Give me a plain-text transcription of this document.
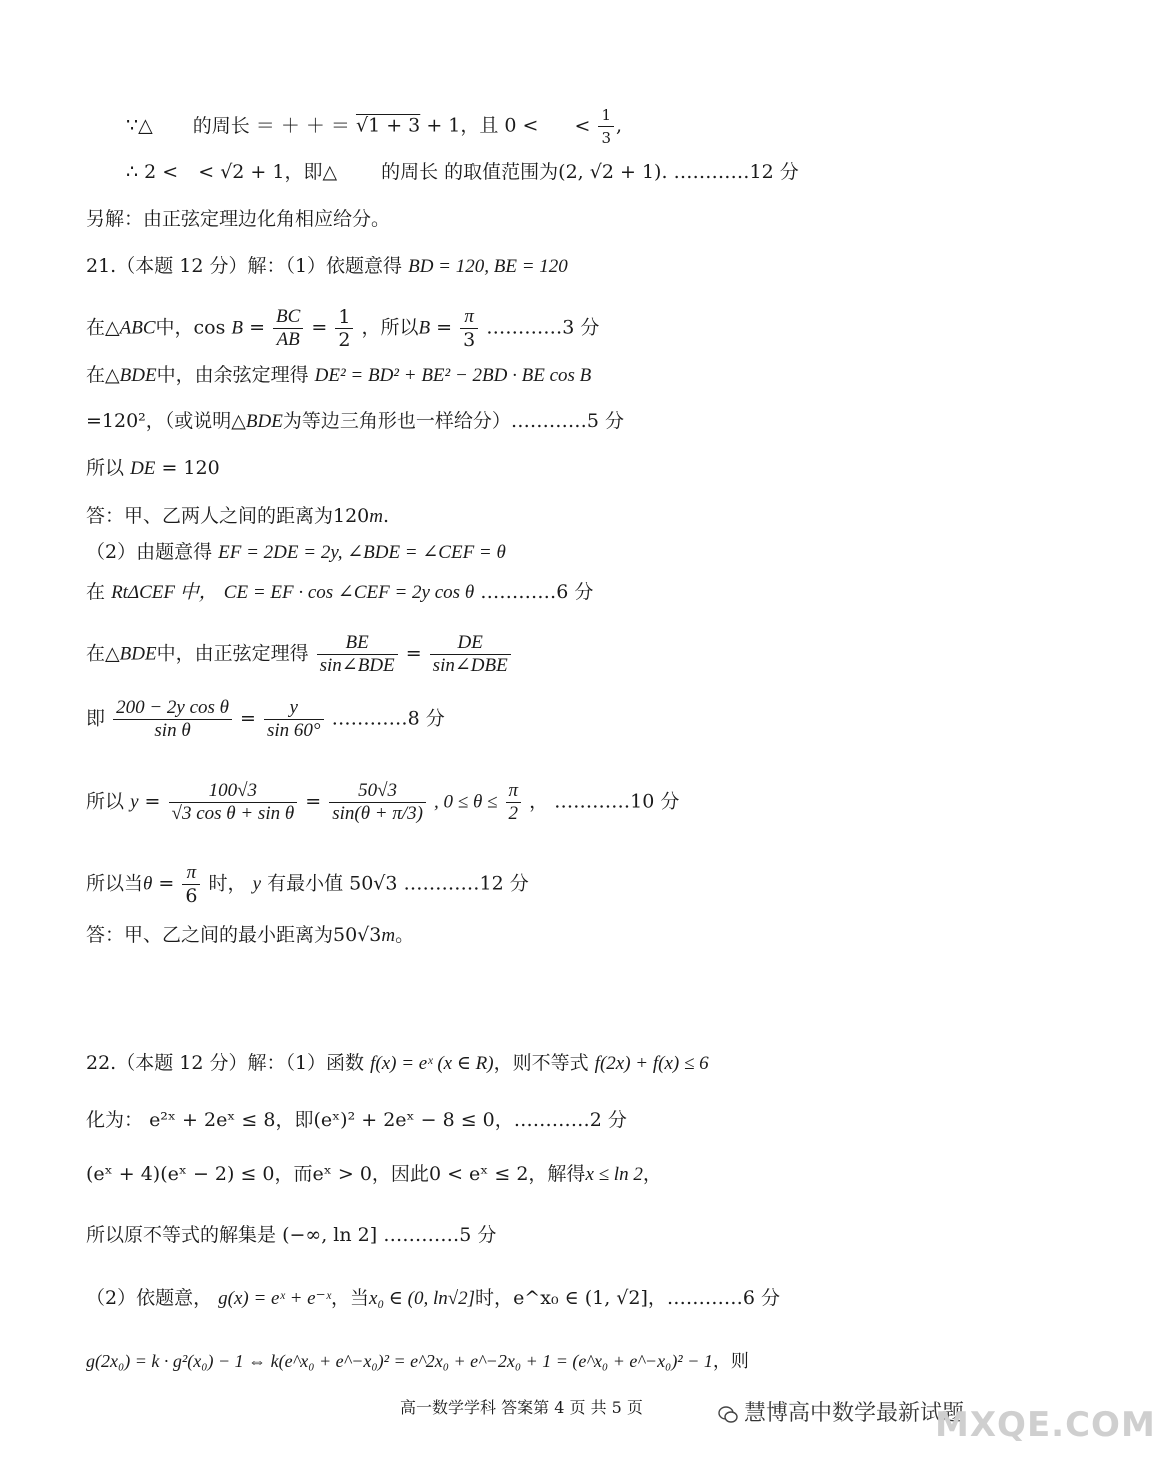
∵△ 的周长 ＝ ＋ ＋ ＝ √1 + 3 + 1，且 0 < < $\frac{1}{3}$ ,
∴ 2 < < √2 + 1，即△ 的周长 的取值范围为(2, √2 + 1). …………12 分
另解：由正弦定理边化角相应给分。
21.（本题 12 分）解：（1）依题意得 BD = 120, BE = 120
在△ABC中，$\cos B = \frac{BC}{AB} = \frac{1}{2}$ ，所以$B = \frac{\pi}{3}$ …………3 分
在△BDE中，由余弦定理得 DE² = BD² + BE² − 2BD · BE cos B
=120²，（或说明△BDE为等边三角形也一样给分）…………5 分
所以 DE = 120
答：甲、乙两人之间的距离为120m.
（2）由题意得 EF = 2DE = 2y, ∠BDE = ∠CEF = θ
在 RtΔCEF 中， CE = EF · cos ∠CEF = 2y cos θ …………6 分
在△BDE中，由正弦定理得 $\frac{BE}{\text{sin∠BDE}} = \frac{DE}{\text{sin∠DBE}}$
即 $\frac{\text{200 − 2y cos θ}}{\text{sin θ}} = \frac{y}{\sin 60^\circ}$ …………8 分
所以 $y = \frac{100√3}{\text{√3 cos θ + sin θ}} = \frac{50√3}{\sin(\theta + \pi/3)}$ , $0 \le \theta \le \frac{\pi}{2}$ ， …………10 分
所以当$\theta = \frac{\pi}{6}$ 时， y 有最小值 50√3 …………12 分
答：甲、乙之间的最小距离为50√3m。
22.（本题 12 分）解：（1）函数 f(x) = eˣ (x ∈ R)，则不等式 f(2x) + f(x) ≤ 6
化为： e²ˣ + 2eˣ ≤ 8，即(eˣ)² + 2eˣ − 8 ≤ 0，…………2 分
(eˣ + 4)(eˣ − 2) ≤ 0，而eˣ > 0，因此0 < eˣ ≤ 2，解得x ≤ ln 2，
所以原不等式的解集是 (−∞, ln 2] …………5 分
（2）依题意， g(x) = eˣ + e⁻ˣ，当x₀ ∈ (0, ln√2]时，e^x₀ ∈ (1, √2]，…………6 分
g(2x₀) = k · g²(x₀) − 1 ⇔ k(e^x₀ + e^−x₀)² = e^2x₀ + e^−2x₀ + 1 = (e^x₀ + e^−x₀)² − 1，则
高一数学学科 答案第 4 页 共 5 页	慧博高中数学最新试题
MXQE.COM
